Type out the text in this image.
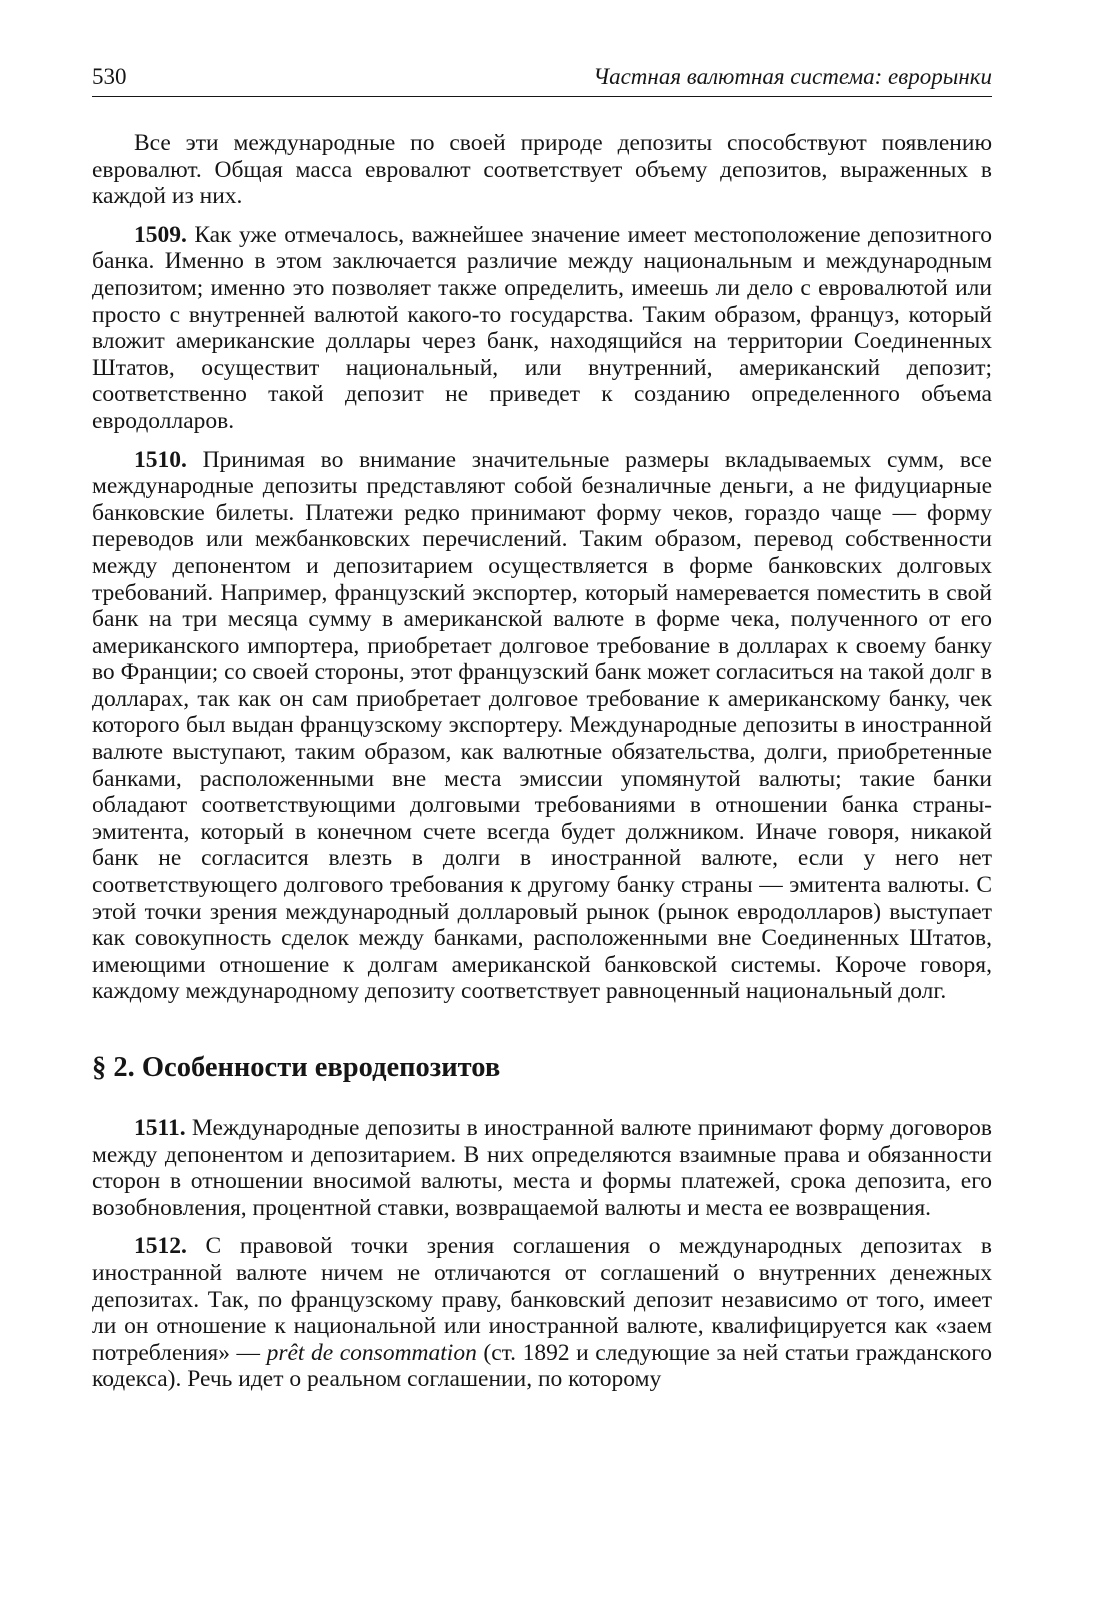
530	Частная валютная система: еврорынки

Все эти международные по своей природе депозиты способствуют появлению евровалют. Общая масса евровалют соответствует объему депозитов, выраженных в каждой из них.

1509. Как уже отмечалось, важнейшее значение имеет местоположение депозитного банка. Именно в этом заключается различие между национальным и международным депозитом; именно это позволяет также определить, имеешь ли дело с евровалютой или просто с внутренней валютой какого-то государства. Таким образом, француз, который вложит американские доллары через банк, находящийся на территории Соединенных Штатов, осуществит национальный, или внутренний, американский депозит; соответственно такой депозит не приведет к созданию определенного объема евродолларов.

1510. Принимая во внимание значительные размеры вкладываемых сумм, все международные депозиты представляют собой безналичные деньги, а не фидуциарные банковские билеты. Платежи редко принимают форму чеков, гораздо чаще — форму переводов или межбанковских перечислений. Таким образом, перевод собственности между депонентом и депозитарием осуществляется в форме банковских долговых требований. Например, французский экспортер, который намеревается поместить в свой банк на три месяца сумму в американской валюте в форме чека, полученного от его американского импортера, приобретает долговое требование в долларах к своему банку во Франции; со своей стороны, этот французский банк может согласиться на такой долг в долларах, так как он сам приобретает долговое требование к американскому банку, чек которого был выдан французскому экспортеру. Международные депозиты в иностранной валюте выступают, таким образом, как валютные обязательства, долги, приобретенные банками, расположенными вне места эмиссии упомянутой валюты; такие банки обладают соответствующими долговыми требованиями в отношении банка страны-эмитента, который в конечном счете всегда будет должником. Иначе говоря, никакой банк не согласится влезть в долги в иностранной валюте, если у него нет соответствующего долгового требования к другому банку страны — эмитента валюты. С этой точки зрения международный долларовый рынок (рынок евродолларов) выступает как совокупность сделок между банками, расположенными вне Соединенных Штатов, имеющими отношение к долгам американской банковской системы. Короче говоря, каждому международному депозиту соответствует равноценный национальный долг.

§ 2. Особенности евродепозитов

1511. Международные депозиты в иностранной валюте принимают форму договоров между депонентом и депозитарием. В них определяются взаимные права и обязанности сторон в отношении вносимой валюты, места и формы платежей, срока депозита, его возобновления, процентной ставки, возвращаемой валюты и места ее возвращения.

1512. С правовой точки зрения соглашения о международных депозитах в иностранной валюте ничем не отличаются от соглашений о внутренних денежных депозитах. Так, по французскому праву, банковский депозит независимо от того, имеет ли он отношение к национальной или иностранной валюте, квалифицируется как «заем потребления» — prêt de consommation (ст. 1892 и следующие за ней статьи гражданского кодекса). Речь идет о реальном соглашении, по которому
